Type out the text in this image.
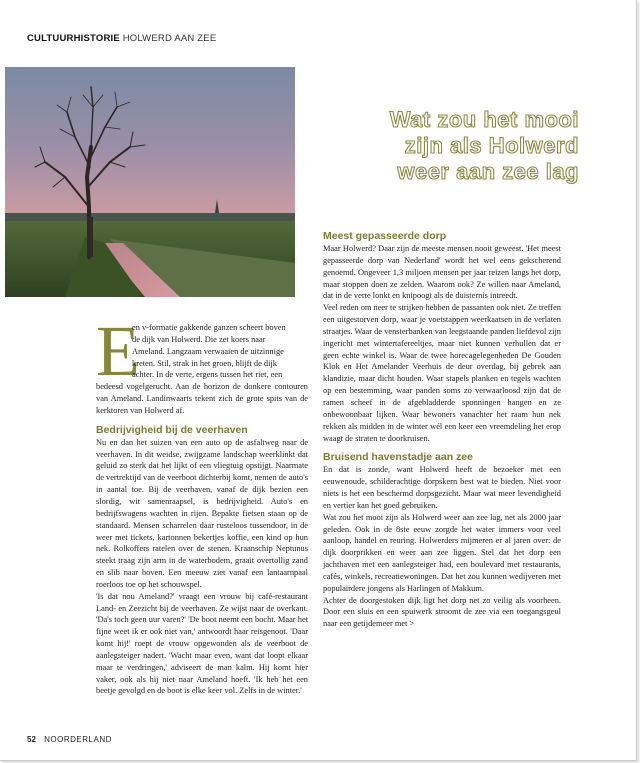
CULTUURHISTORIE HOLWERD AAN ZEE
Wat zou het mooi
zijn als Holwerd
weer aan zee lag
E

en v-formatie gakkende ganzen scheert boven

de dijk van Holwerd. Die zet koers naar

Ameland. Langzaam verwaaien de uitzinnige

kreten. Stil, strak in het groen, blijft de dijk

achter. In de verte, ergens tussen het riet, een

bedeesd vogelgerucht. Aan de horizon de donkere contouren van Ameland. Landinwaarts tekent zich de grote spits van de kerktoren van Holwerd af.

Bedrijvigheid bij de veerhaven

Nu en dan het suizen van een auto op de asfaltweg naar de veerhaven. In dit weidse, zwijgzame landschap weerklinkt dat geluid zo sterk dat het lijkt of een vliegtuig opstijgt. Naarmate de vertrektijd van de veerboot dichterbij komt, nemen de auto's in aantal toe. Bij de veerhaven, vanaf de dijk bezien een slordig, wit samenraapsel, is bedrijvigheid. Auto's en bedrijfswagens wachten in rijen. Bepakte fietsen staan op de standaard. Mensen scharrelen daar rusteloos tussendoor, in de weer met tickets, kartonnen bekertjes koffie, een kind op hun nek. Rolkoffers ratelen over de stenen. Kraanschip Neptunus steekt traag zijn arm in de waterbodem, graait overtollig zand en slib naar boven. Een meeuw ziet vanaf een lantaarnpaal roerloos toe op het schouwspel.

'Is dat nou Ameland?' vraagt een vrouw bij café-restaurant Land- en Zeezicht bij de veerhaven. Ze wijst naar de overkant. 'Da's toch geen uur varen?' 'De boot neemt een bocht. Maar het fijne weet ik er ook niet van,' antwoordt haar reisgenoot. 'Daar komt hij!' roept de vrouw opgewonden als de veerboot de aanlegsteiger nadert. 'Wacht maar even, want dat loopt elkaar maar te verdringen,' adviseert de man kalm. Hij komt hier vaker, ook als hij niet naar Ameland hoeft. 'Ik heb het een beetje gevolgd en de boot is elke keer vol. Zelfs in de winter.'

Meest gepasseerde dorp

Maar Holwerd? Daar zijn de meeste mensen nooit geweest. 'Het meest gepasseerde dorp van Nederland' wordt het wel eens gekscherend genoemd. Ongeveer 1,3 miljoen mensen per jaar reizen langs het dorp, maar stoppen doen ze zelden. Waarom ook? Ze willen naar Ameland, dat in de verte lonkt en knipoogt als de duisternis intreedt.

Veel reden om neer te strijken hebben de passanten ook niet. Ze treffen een uitgestorven dorp, waar je voetstappen weerkaatsen in de verlaten straatjes. Waar de vensterbanken van leegstaande panden liefdevol zijn ingericht met wintertafereeltjes, maar niet kunnen verhullen dat er geen echte winkel is. Waar de twee horecagelegenheden De Gouden Klok en Het Amelander Veerhuis de deur overdag, bij gebrek aan klandizie, maar dicht houden. Waar stapels planken en tegels wachten op een bestemming, waar panden soms zo verwaarloosd zijn dat de ramen scheef in de afgebladderde sponningen hangen en ze onbewoonbaar lijken. Waar bewoners vanachter het raam hun nek rekken als midden in de winter wél een keer een vreemdeling het erop waagt de straten te doorkruisen.

Bruisend havenstadje aan zee

En dat is zonde, want Holwerd heeft de bezoeker met een eeuwenoude, schilderachtige dorpskern best wat te bieden. Niet voor niets is het een beschermd dorpsgezicht. Maar wat meer levendigheid en vertier kan het goed gebruiken.

Wat zou het mooi zijn als Holwerd weer aan zee lag, net als 2000 jaar geleden. Ook in de 8ste eeuw zorgde het water immers voor veel aanloop, handel en reuring. Holwerders mijmeren er al jaren over: de dijk doorprikken en weer aan zee liggen. Stel dat het dorp een jachthaven met een aanlegsteiger had, een boulevard met restaurants, cafés, winkels, recreatiewoningen. Dat het zou kunnen wedijveren met populairdere jongens als Harlingen of Makkum.

Achter de doorgestoken dijk ligt het dorp net zo veilig als voorheen. Door een sluis en een spuiwerk stroomt de zee via een toegangsgeul naar een getijdemeer met >

52 NOORDERLAND
